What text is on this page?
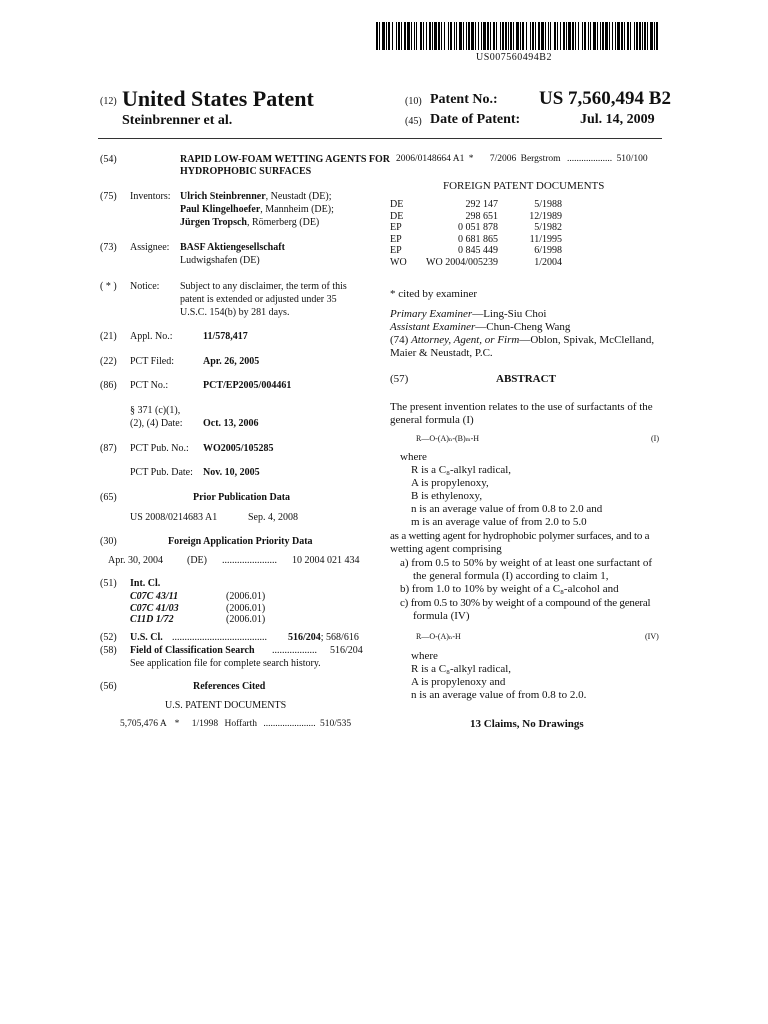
US007560494B2
(12) United States Patent
Steinbrenner et al.
(10) Patent No.: US 7,560,494 B2
(45) Date of Patent:	Jul. 14, 2009
(54)	RAPID LOW-FOAM WETTING AGENTS FOR
HYDROPHOBIC SURFACES
(75) Inventors: Ulrich Steinbrenner, Neustadt (DE);
Paul Klingelhoefer, Mannheim (DE);
Jürgen Tropsch, Römerberg (DE)
(73) Assignee: BASF Aktiengesellschaft
Ludwigshafen (DE)
( * ) Notice: Subject to any disclaimer, the term of this
patent is extended or adjusted under 35
U.S.C. 154(b) by 281 days.
(21) Appl. No.:	11/578,417
(22) PCT Filed:	Apr. 26, 2005
(86) PCT No.:	PCT/EP2005/004461
§ 371 (c)(1),
(2), (4) Date: Oct. 13, 2006
(87) PCT Pub. No.: WO2005/105285
PCT Pub. Date: Nov. 10, 2005
(65)	Prior Publication Data
US 2008/0214683 A1	Sep. 4, 2008
(30)	Foreign Application Priority Data
Apr. 30, 2004 (DE) ...................... 10 2004 021 434
(51) Int. Cl.
C07C 43/11	(2006.01)
C07C 41/03	(2006.01)
C11D 1/72	(2006.01)
(52) U.S. Cl. ...................................... 516/204; 568/616
(58) Field of Classification Search .................. 516/204
See application file for complete search history.
(56)	References Cited
U.S. PATENT DOCUMENTS
5,705,476 A * 1/1998 Hoffarth ...................... 510/535
2006/0148664 A1 * 7/2006 Bergstrom ................... 510/100
FOREIGN PATENT DOCUMENTS
DE	292 147	5/1988
DE	298 651	12/1989
EP	0 051 878	5/1982
EP	0 681 865	11/1995
EP	0 845 449	6/1998
WO	WO 2004/005239	1/2004
* cited by examiner
Primary Examiner—Ling-Siu Choi
Assistant Examiner—Chun-Cheng Wang
(74) Attorney, Agent, or Firm—Oblon, Spivak, McClelland,
Maier & Neustadt, P.C.
(57)	ABSTRACT
The present invention relates to the use of surfactants of the
general formula (I)
R—O-(A)ₙ-(B)ₘ-H	(I)
where
R is a C₈-alkyl radical,
A is propylenoxy,
B is ethylenoxy,
n is an average value of from 0.8 to 2.0 and
m is an average value of from 2.0 to 5.0
as a wetting agent for hydrophobic polymer surfaces, and to a
wetting agent comprising
a) from 0.5 to 50% by weight of at least one surfactant of
the general formula (I) according to claim 1,
b) from 1.0 to 10% by weight of a C₈-alcohol and
c) from 0.5 to 30% by weight of a compound of the general
formula (IV)
R—O-(A)ₙ-H	(IV)
where
R is a C₈-alkyl radical,
A is propylenoxy and
n is an average value of from 0.8 to 2.0.
13 Claims, No Drawings
